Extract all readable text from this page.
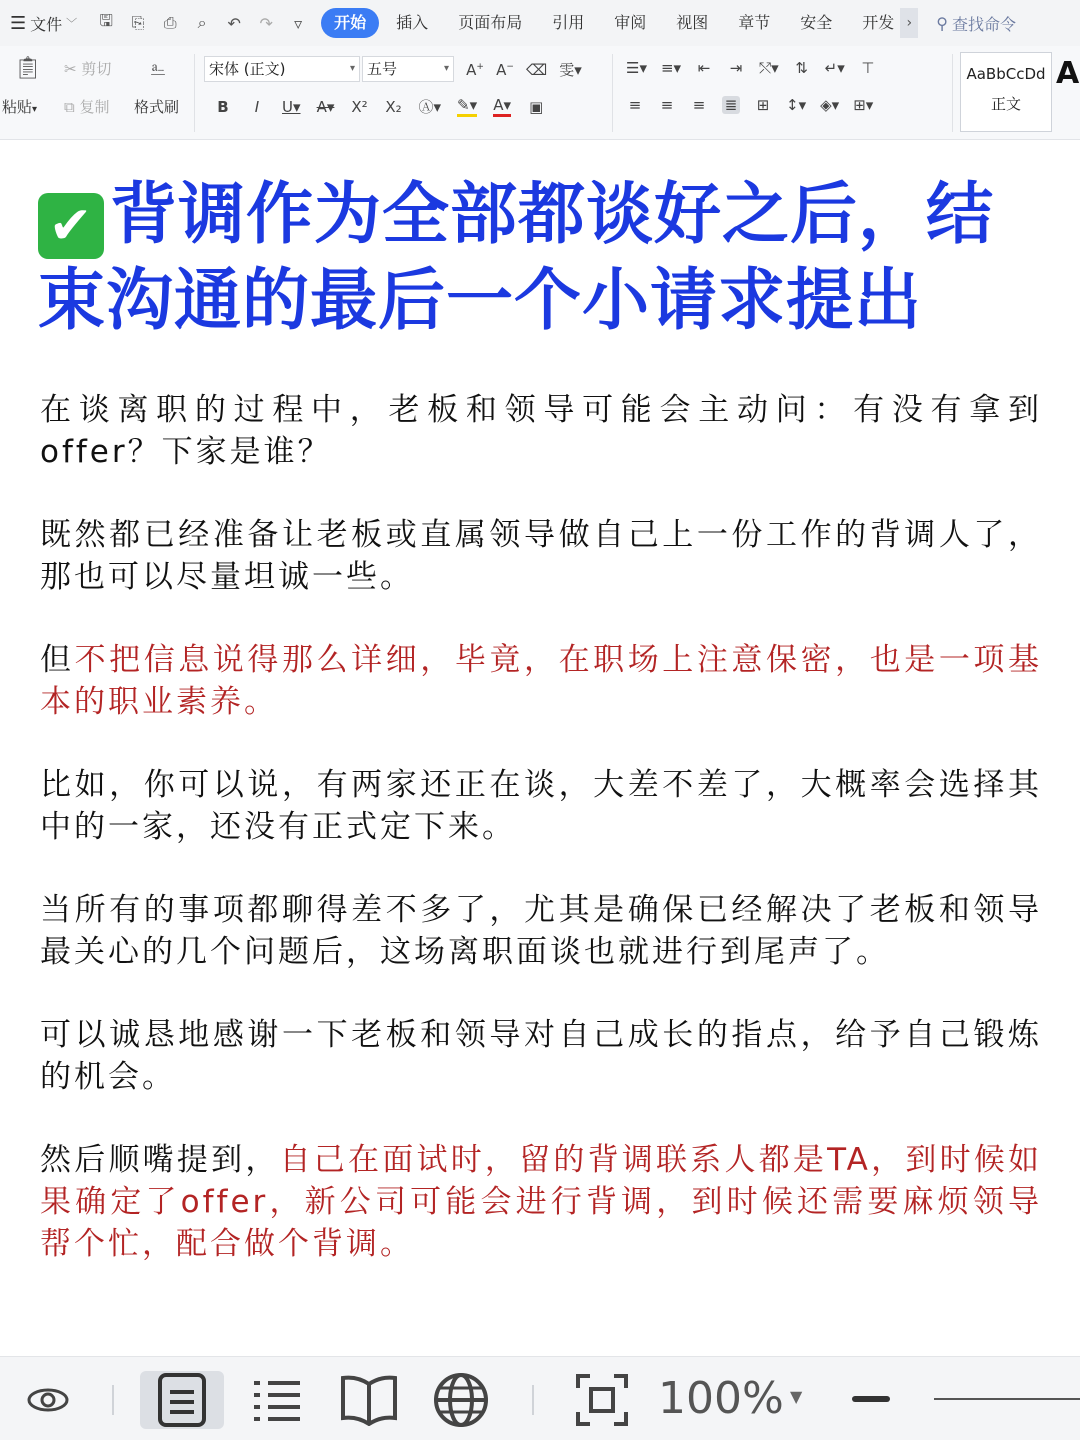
☰ 文件 ﹀ 🖫 ⎘ ⎙ ⌕ ↶ ↷	▿	开始	插入	页面布局	引用	审阅	视图	章节	安全	开发 ›	⚲ 查找命令
📋︎
粘贴▾
✂ 剪切
⧉ 复制
⎁
格式刷
宋体 (正文)	▾ 五号	▾ A+ A− ⌫ 雯▾
B	I	U▾ A▾ X² X₂ Ⓐ▾ ✎▾ A▾ ▣
☰▾ ≡▾ ⇤ ⇥ ⤲▾ ⇅ ↵▾ ⊤
≡ ≡ ≡ ≣ ⊞ ↕▾ ◈▾ ⊞▾
AaBbCcDd
正文
A
✔ 背调作为全部都谈好之后，结束沟通的最后一个小请求提出

在谈离职的过程中，老板和领导可能会主动问：有没有拿到offer？下家是谁？

既然都已经准备让老板或直属领导做自己上一份工作的背调人了，那也可以尽量坦诚一些。

但不把信息说得那么详细，毕竟，在职场上注意保密，也是一项基本的职业素养。

比如，你可以说，有两家还正在谈，大差不差了，大概率会选择其中的一家，还没有正式定下来。

当所有的事项都聊得差不多了，尤其是确保已经解决了老板和领导最关心的几个问题后，这场离职面谈也就进行到尾声了。

可以诚恳地感谢一下老板和领导对自己成长的指点，给予自己锻炼的机会。

然后顺嘴提到，自己在面试时，留的背调联系人都是TA，到时候如果确定了offer，新公司可能会进行背调，到时候还需要麻烦领导帮个忙，配合做个背调。

100% ▼
